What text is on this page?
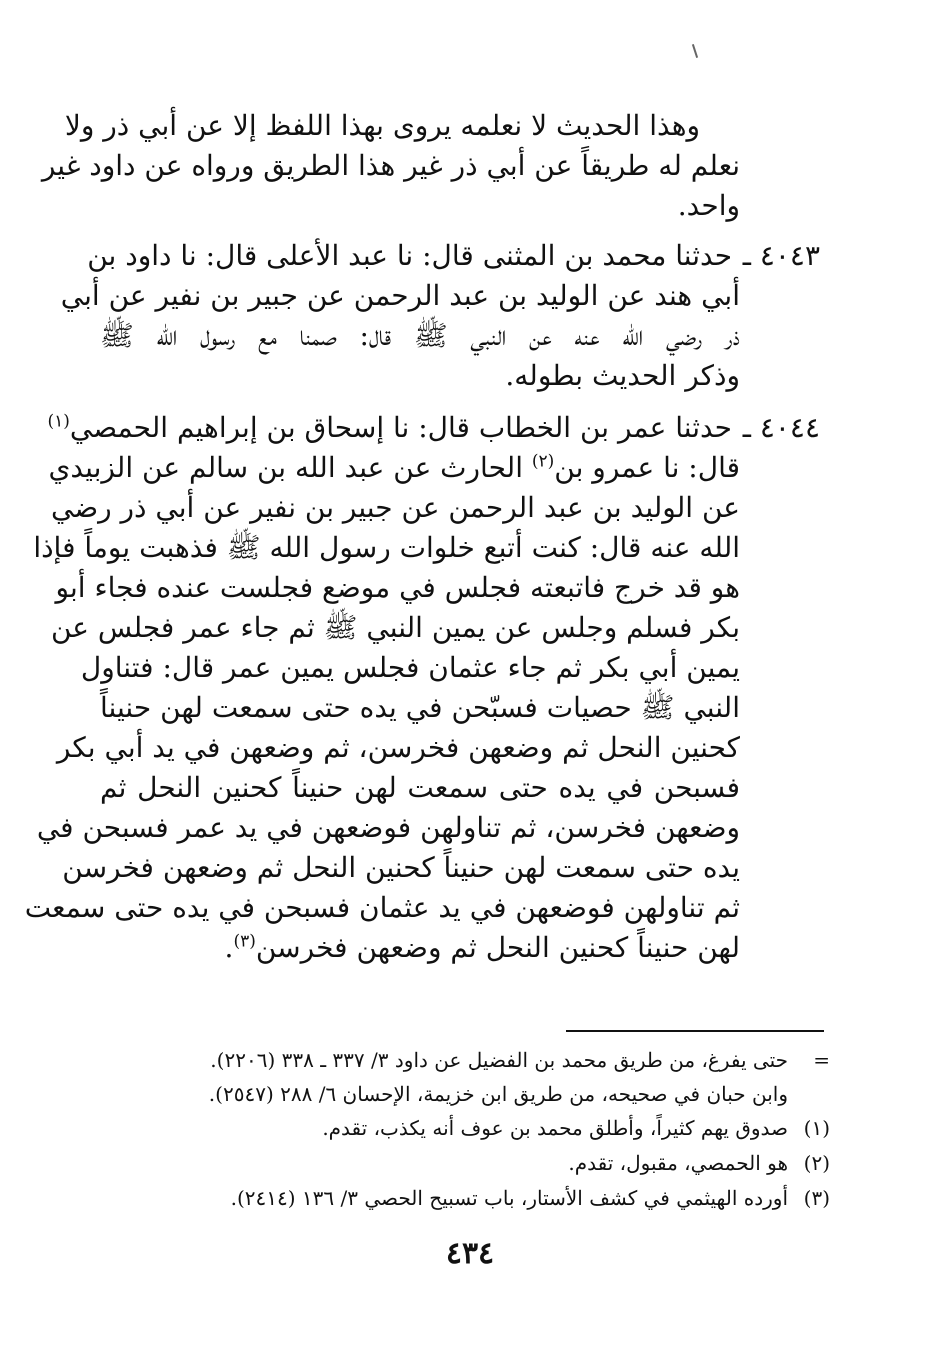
وهذا الحديث لا نعلمه يروى بهذا اللفظ إلا عن أبي ذر ولا
نعلم له طريقاً عن أبي ذر غير هذا الطريق ورواه عن داود غير
واحد.
٤٠٤٣ ـ
حدثنا محمد بن المثنى قال: نا عبد الأعلى قال: نا داود بن
أبي هند عن الوليد بن عبد الرحمن عن جبير بن نفير عن أبي
ذر رضي الله عنه عن النبي ﷺ قال: صمنا مع رسول الله ﷺ
وذكر الحديث بطوله.
٤٠٤٤ ـ
حدثنا عمر بن الخطاب قال: نا إسحاق بن إبراهيم الحمصي$^{(١)}$
قال: نا عمرو بن$^{(٢)}$ الحارث عن عبد الله بن سالم عن الزبيدي
عن الوليد بن عبد الرحمن عن جبير بن نفير عن أبي ذر رضي
الله عنه قال: كنت أتبع خلوات رسول الله ﷺ فذهبت يوماً فإذا
هو قد خرج فاتبعته فجلس في موضع فجلست عنده فجاء أبو
بكر فسلم وجلس عن يمين النبي ﷺ ثم جاء عمر فجلس عن
يمين أبي بكر ثم جاء عثمان فجلس يمين عمر قال: فتناول
النبي ﷺ حصيات فسبّحن في يده حتى سمعت لهن حنيناً
كحنين النحل ثم وضعهن فخرسن، ثم وضعهن في يد أبي بكر
فسبحن في يده حتى سمعت لهن حنيناً كحنين النحل ثم
وضعهن فخرسن، ثم تناولهن فوضعهن في يد عمر فسبحن في
يده حتى سمعت لهن حنيناً كحنين النحل ثم وضعهن فخرسن
ثم تناولهن فوضعهن في يد عثمان فسبحن في يده حتى سمعت
لهن حنيناً كحنين النحل ثم وضعهن فخرسن$^{(٣)}$.
=حتى يفرغ، من طريق محمد بن الفضيل عن داود ٣/ ٣٣٧ ـ ٣٣٨ (٢٢٠٦).
وابن حبان في صحيحه، من طريق ابن خزيمة، الإحسان ٦/ ٢٨٨ (٢٥٤٧).
(١)صدوق يهم كثيراً، وأطلق محمد بن عوف أنه يكذب، تقدم.
(٢)هو الحمصي، مقبول، تقدم.
(٣)أورده الهيثمي في كشف الأستار، باب تسبيح الحصي ٣/ ١٣٦ (٢٤١٤).
٤٣٤
